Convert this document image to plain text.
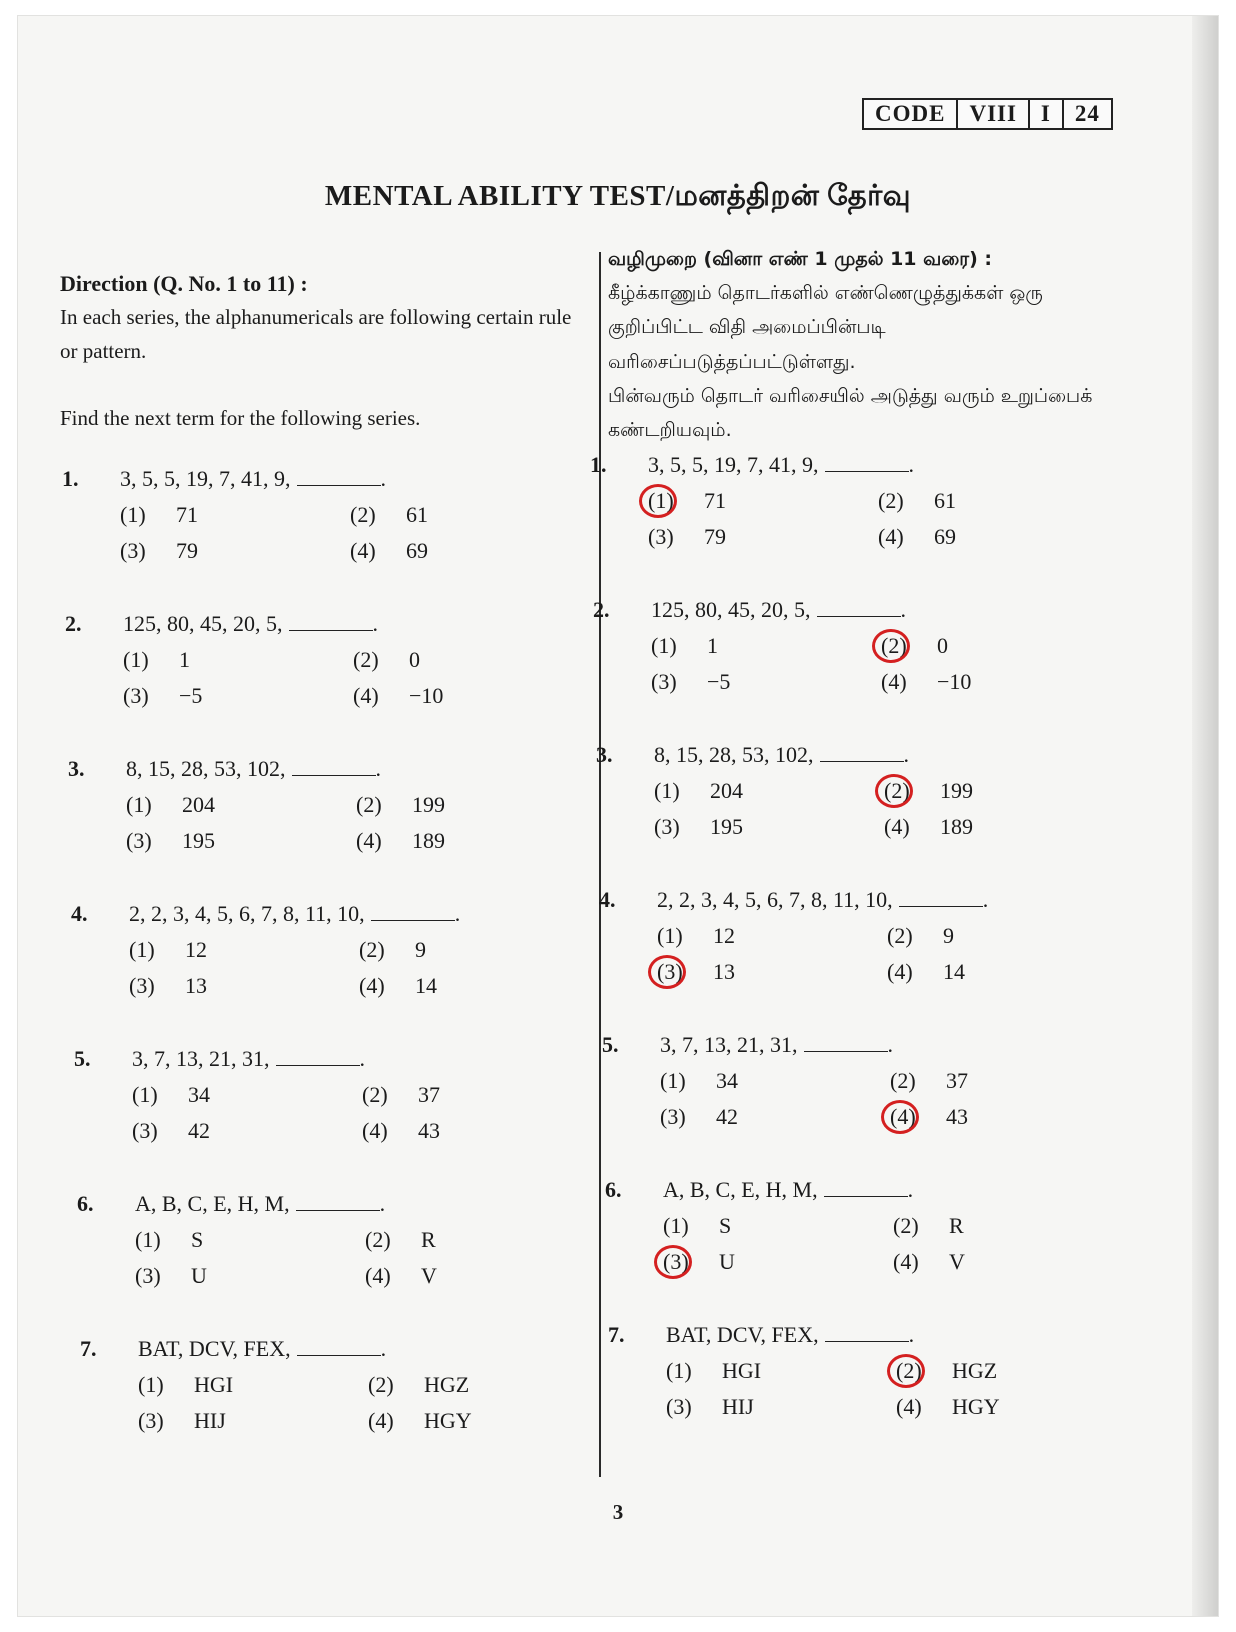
CODE	VIII	I	24
MENTAL ABILITY TEST/மனத்திறன் தேர்வு
Direction (Q. No. 1 to 11) :
In each series, the alphanumericals are following certain rule or pattern.
Find the next term for the following series.
வழிமுறை (வினா எண் 1 முதல் 11 வரை) :
கீழ்க்காணும் தொடர்களில் எண்ணெழுத்துக்கள் ஒரு குறிப்பிட்ட விதி அமைப்பின்படி வரிசைப்படுத்தப்பட்டுள்ளது.
பின்வரும் தொடர் வரிசையில் அடுத்து வரும் உறுப்பைக் கண்டறியவும்.
1. 3, 5, 5, 19, 7, 41, 9,	.
(1) 71	(2) 61
(3) 79	(4) 69
2. 125, 80, 45, 20, 5,	.
(1) 1	(2) 0
(3) −5	(4) −10
3. 8, 15, 28, 53, 102,	.
(1) 204	(2) 199
(3) 195	(4) 189
4. 2, 2, 3, 4, 5, 6, 7, 8, 11, 10,	.
(1) 12	(2) 9
(3) 13	(4) 14
5. 3, 7, 13, 21, 31,	.
(1) 34	(2) 37
(3) 42	(4) 43
6. A, B, C, E, H, M,	.
(1) S	(2) R
(3) U	(4) V
7. BAT, DCV, FEX,	.
(1) HGI	(2) HGZ
(3) HIJ	(4) HGY
1. 3, 5, 5, 19, 7, 41, 9,	.
(1) 71	(2) 61
(3) 79	(4) 69
2. 125, 80, 45, 20, 5,	.
(1) 1	(2) 0
(3) −5	(4) −10
3. 8, 15, 28, 53, 102,	.
(1) 204	(2) 199
(3) 195	(4) 189
4. 2, 2, 3, 4, 5, 6, 7, 8, 11, 10,	.
(1) 12	(2) 9
(3) 13	(4) 14
5. 3, 7, 13, 21, 31,	.
(1) 34	(2) 37
(3) 42	(4) 43
6. A, B, C, E, H, M,	.
(1) S	(2) R
(3) U	(4) V
7. BAT, DCV, FEX,	.
(1) HGI	(2) HGZ
(3) HIJ	(4) HGY
3
